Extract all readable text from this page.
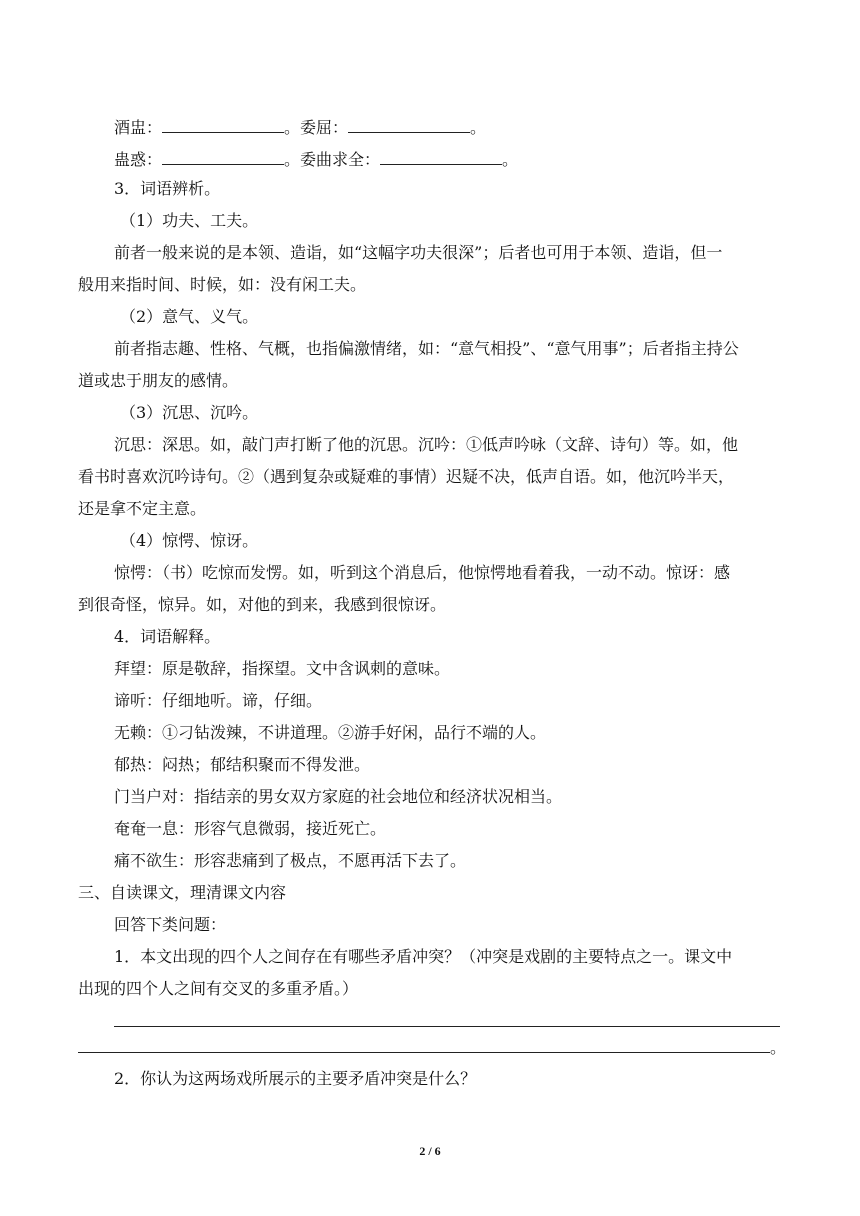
酒盅：	。委屈：	。
蛊惑：	。委曲求全：	。
3．词语辨析。
（1）功夫、工夫。
前者一般来说的是本领、造诣，如“这幅字功夫很深”；后者也可用于本领、造诣，但一
般用来指时间、时候，如：没有闲工夫。
（2）意气、义气。
前者指志趣、性格、气概，也指偏激情绪，如：“意气相投”、“意气用事”；后者指主持公
道或忠于朋友的感情。
（3）沉思、沉吟。
沉思：深思。如，敲门声打断了他的沉思。沉吟：①低声吟咏（文辞、诗句）等。如，他
看书时喜欢沉吟诗句。②（遇到复杂或疑难的事情）迟疑不决，低声自语。如，他沉吟半天，
还是拿不定主意。
（4）惊愕、惊讶。
惊愕：（书）吃惊而发愣。如，听到这个消息后，他惊愕地看着我，一动不动。惊讶：感
到很奇怪，惊异。如，对他的到来，我感到很惊讶。
4．词语解释。
拜望：原是敬辞，指探望。文中含讽刺的意味。
谛听：仔细地听。谛，仔细。
无赖：①刁钻泼辣，不讲道理。②游手好闲，品行不端的人。
郁热：闷热；郁结积聚而不得发泄。
门当户对：指结亲的男女双方家庭的社会地位和经济状况相当。
奄奄一息：形容气息微弱，接近死亡。
痛不欲生：形容悲痛到了极点，不愿再活下去了。
三、自读课文，理清课文内容
回答下类问题：
1．本文出现的四个人之间存在有哪些矛盾冲突？（冲突是戏剧的主要特点之一。课文中
出现的四个人之间有交叉的多重矛盾。）
。
2．你认为这两场戏所展示的主要矛盾冲突是什么？
2 / 6
